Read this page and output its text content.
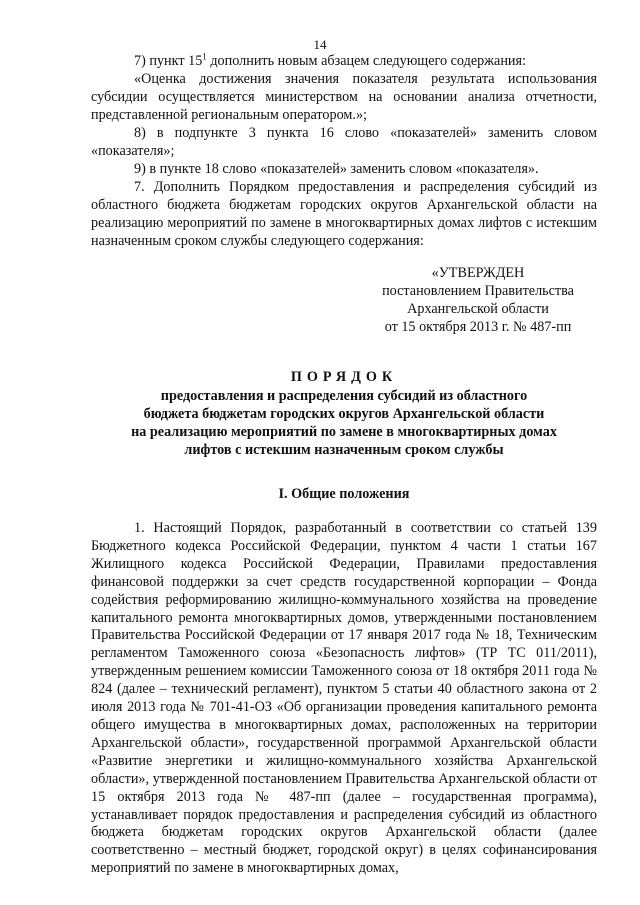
14

7) пункт $15^1$ дополнить новым абзацем следующего содержания:

«Оценка достижения значения показателя результата использования субсидии осуществляется министерством на основании анализа отчетности, представленной региональным оператором.»;

8) в подпункте 3 пункта 16 слово «показателей» заменить словом «показателя»;

9) в пункте 18 слово «показателей» заменить словом «показателя».

7. Дополнить Порядком предоставления и распределения субсидий из областного бюджета бюджетам городских округов Архангельской области на реализацию мероприятий по замене в многоквартирных домах лифтов с истекшим назначенным сроком службы следующего содержания:

«УТВЕРЖДЕН
постановлением Правительства
Архангельской области
от 15 октября 2013 г. № 487-пп
ПОРЯДОК
предоставления и распределения субсидий из областного
бюджета бюджетам городских округов Архангельской области
на реализацию мероприятий по замене в многоквартирных домах
лифтов с истекшим назначенным сроком службы
I. Общие положения

1. Настоящий Порядок, разработанный в соответствии со статьей 139 Бюджетного кодекса Российской Федерации, пунктом 4 части 1 статьи 167 Жилищного кодекса Российской Федерации, Правилами предоставления финансовой поддержки за счет средств государственной корпорации – Фонда содействия реформированию жилищно-коммунального хозяйства на проведение капитального ремонта многоквартирных домов, утвержденными постановлением Правительства Российской Федерации от 17 января 2017 года № 18, Техническим регламентом Таможенного союза «Безопасность лифтов» (ТР ТС 011/2011), утвержденным решением комиссии Таможенного союза от 18 октября 2011 года № 824 (далее – технический регламент), пунктом 5 статьи 40 областного закона от 2 июля 2013 года № 701-41-ОЗ «Об организации проведения капитального ремонта общего имущества в многоквартирных домах, расположенных на территории Архангельской области», государственной программой Архангельской области «Развитие энергетики и жилищно-коммунального хозяйства Архангельской области», утвержденной постановлением Правительства Архангельской области от 15 октября 2013 года № 487-пп (далее – государственная программа), устанавливает порядок предоставления и распределения субсидий из областного бюджета бюджетам городских округов Архангельской области (далее соответственно – местный бюджет, городской округ) в целях софинансирования мероприятий по замене в многоквартирных домах,
